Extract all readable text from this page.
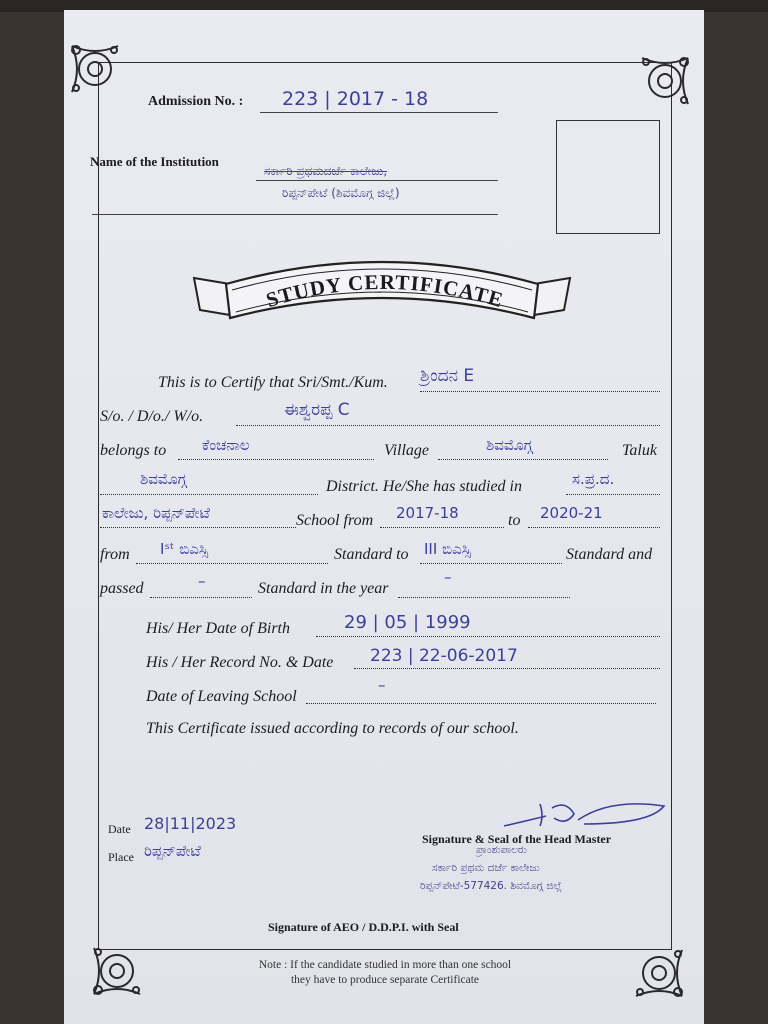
Admission No. : 223 | 2017 - 18
Name of the Institution
ಸರ್ಕಾರಿ ಪ್ರಥಮದರ್ಜೆ ಕಾಲೇಜು,
ರಿಪ್ಪನ್‌ಪೇಟೆ (ಶಿವಮೊಗ್ಗ ಜಿಲ್ಲೆ)
STUDY CERTIFICATE
This is to Certify that Sri/Smt./Kum. ಶ್ರಿಂದನ E
S/o. / D/o./ W/o.	ಈಶ್ವರಪ್ಪ C
belongs to ಕೆಂಚನಾಲ	Village	ಶಿವಮೊಗ್ಗ	Taluk
ಶಿವಮೊಗ್ಗ	District. He/She has studied in	ಸ.ಪ್ರ.ದ.
ಕಾಲೇಜು, ರಿಪ್ಪನ್‌ಪೇಟೆ	School from 2017-18	to 2020-21
from Iˢᵗ ಬಿಎಸ್ಸಿ	Standard to III ಬಿಎಸ್ಸಿ	Standard and
passed	–	Standard in the year
–
His/ Her Date of Birth	29 | 05 | 1999
His / Her Record No. & Date 223 | 22-06-2017
Date of Leaving School
–
This Certificate issued according to records of our school.
Date 28|11|2023
Place ರಿಪ್ಪನ್‌ಪೇಟೆ
Signature & Seal of the Head Master
ಪ್ರಾಂಶುಪಾಲರು
ಸರ್ಕಾರಿ ಪ್ರಥಮ ದರ್ಜೆ ಕಾಲೇಜು
ರಿಪ್ಪನ್‌ಪೇಟೆ-577426. ಶಿವಮೊಗ್ಗ ಜಿಲ್ಲೆ
Signature of AEO / D.D.P.I. with Seal
Note : If the candidate studied in more than one school
they have to produce separate Certificate
